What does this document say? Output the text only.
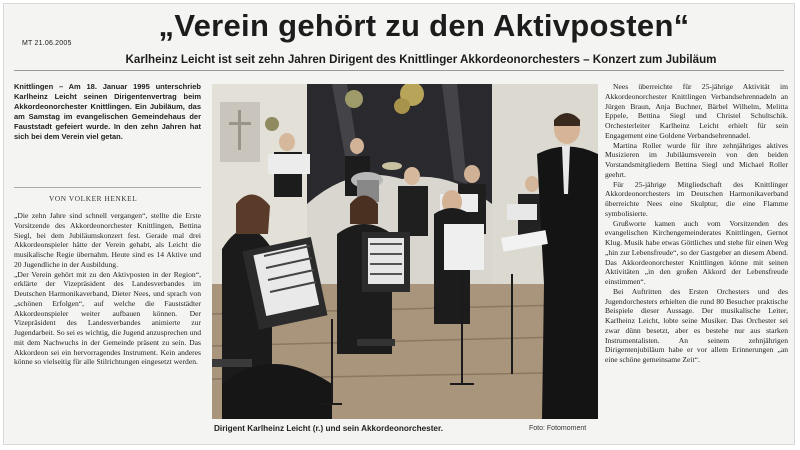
MT 21.06.2005
„Verein gehört zu den Aktivposten“
Karlheinz Leicht ist seit zehn Jahren Dirigent des Knittlinger Akkordeonorchesters – Konzert zum Jubiläum

Knittlingen – Am 18. Januar 1995 unterschrieb Karlheinz Leicht seinen Dirigentenvertrag beim Akkordeonorchester Knittlingen. Ein Jubiläum, das am Samstag im evangelischen Gemeindehaus der Fauststadt gefeiert wurde. In den zehn Jahren hat sich bei dem Verein viel getan.

VON VOLKER HENKEL

„Die zehn Jahre sind schnell vergangen“, stellte die Erste Vorsitzende des Akkordeonorchester Knittlingen, Bettina Siegl, bei dem Jubiläumskonzert fest. Gerade mal drei Akkordeonspieler hätte der Verein gehabt, als Leicht die musikalische Regie übernahm. Heute sind es 14 Aktive und 20 Jugendliche in der Ausbildung.

„Der Verein gehört mit zu den Aktivposten in der Region“, erklärte der Vizepräsident des Landesverbandes im Deutschen Harmonikaverband, Dieter Nees, und sprach von „schönen Erfolgen“, auf welche die Fauststädter Akkordeonspieler weiter aufbauen können. Der Vizepräsident des Landesverbandes animierte zur Jugendarbeit. So sei es wichtig, die Jugend anzusprechen und mit dem Nachwuchs in der Gemeinde präsent zu sein. Das Akkordeon sei ein hervorragendes Instrument. Kein anderes könne so vielseitig für alle Stilrichtungen eingesetzt werden.

Dirigent Karlheinz Leicht (r.) und sein Akkordeonorchester.	Foto: Fotomoment

Nees überreichte für 25-jährige Aktivität im Akkordeonorchester Knittlingen Verbandsehrennadeln an Jürgen Braun, Anja Buchner, Bärbel Wilhelm, Melitta Eppele, Bettina Siegl und Christel Schultschik. Orchesterleiter Karlheinz Leicht erhielt für sein Engagement eine Goldene Verbandsehrennadel.

Martina Roller wurde für ihre zehnjähriges aktives Musizieren im Jubiläumsverein von den beiden Vorstandsmitgliedern Bettina Siegl und Michael Roller geehrt.

Für 25-jährige Mitgliedschaft des Knittlinger Akkordeonorchesters im Deutschen Harmonikaverband überreichte Nees eine Skulptur, die eine Flamme symbolisierte.

Grußworte kamen auch vom Vorsitzenden des evangelischen Kirchengemeinderates Knittlingen, Gernot Klug. Musik habe etwas Göttliches und stehe für einen Weg „hin zur Lebensfreude“, so der Gastgeber an diesem Abend. Das Akkordeonorchester Knittlingen könne mit seinen Aktivitäten „in den großen Akkord der Lebensfreude einstimmen“.

Bei Auftritten des Ersten Orchesters und des Jugendorchesters erhielten die rund 80 Besucher praktische Beispiele dieser Aussage. Der musikalische Leiter, Karlheinz Leicht, lobte seine Musiker. Das Orchester sei zwar dünn besetzt, aber es bestehe nur aus starken Instrumentalisten. An seinem zehnjährigen Dirigentenjubiläum habe er vor allem Erinnerungen „an eine schöne gemeinsame Zeit“.
